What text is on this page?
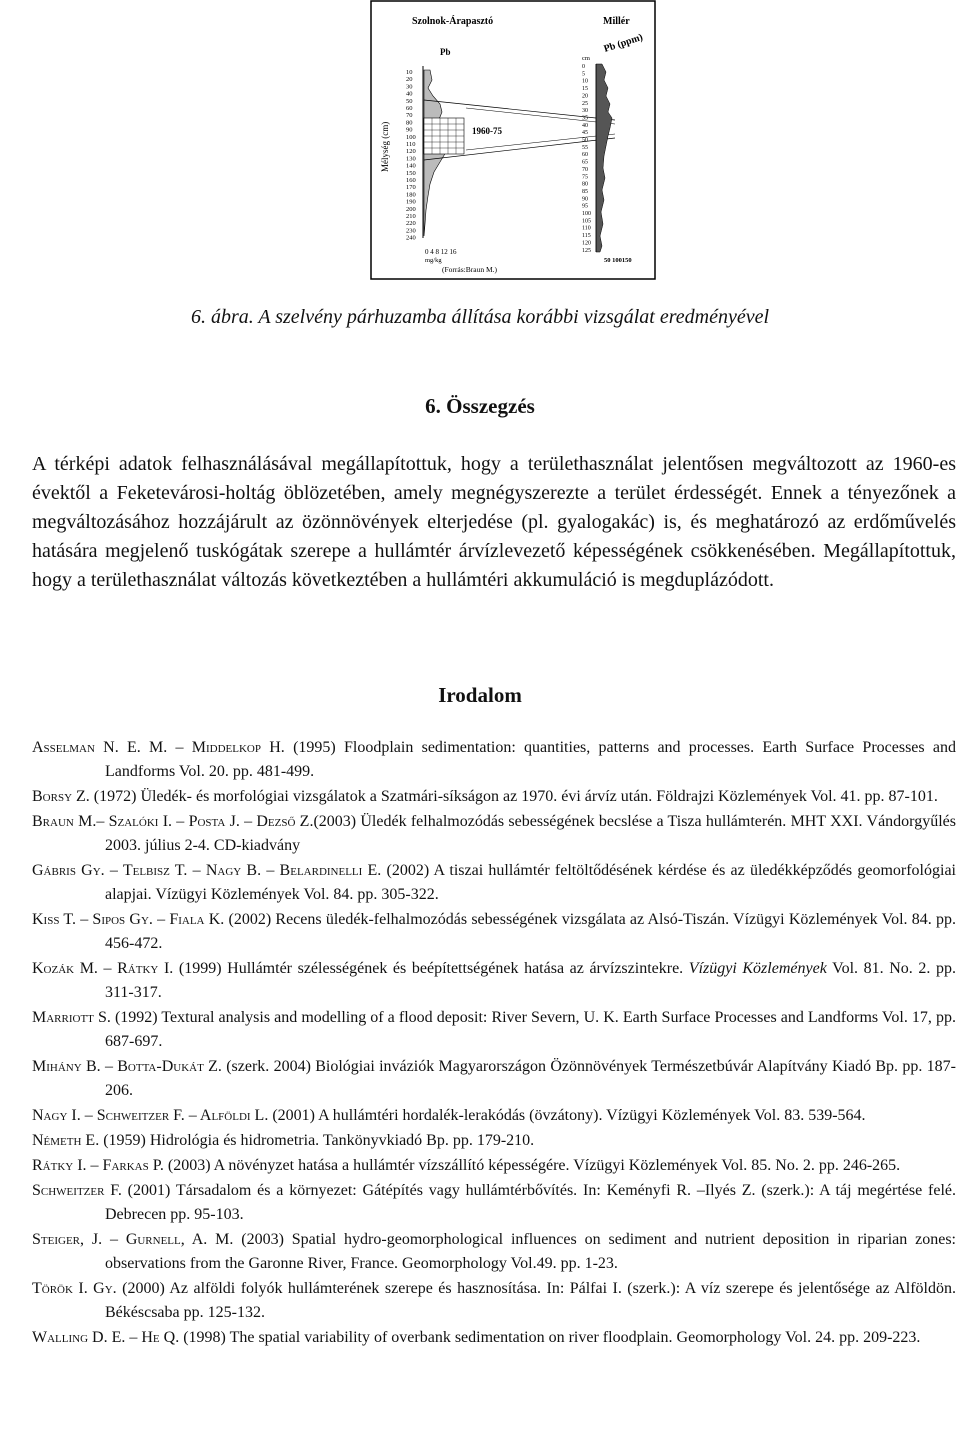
Szolnok-Árapasztó	Millér
Pb	Pb (ppm)
Mélység (cm)
10
20
30
40
50
60
70
80
90
100
110
120
130
140
150
160
170
180
190
200
210
220
230
240
1960-75
0 4 8 12 16
mg/kg
(Forrás:Braun M.)
cm
0
5
10
15
20
25
30
35
40
45
50
55
60
65
70
75
80
85
90
95
100
105
110
115
120
125
50 100150
6. ábra. A szelvény párhuzamba állítása korábbi vizsgálat eredményével
6. Összegzés

A térképi adatok felhasználásával megállapítottuk, hogy a területhasználat jelentősen megváltozott az 1960-es évektől a Feketevárosi-holtág öblözetében, amely megnégyszerezte a terület érdességét. Ennek a tényezőnek a megváltozásához hozzájárult az özönnövények elterjedése (pl. gyalogakác) is, és meghatározó az erdőművelés hatására megjelenő tuskógátak szerepe a hullámtér árvízlevezető képességének csökkenésében. Megállapítottuk, hogy a területhasználat változás következtében a hullámtéri akkumuláció is megduplázódott.

Irodalom
Asselman N. E. M. – Middelkop H. (1995) Floodplain sedimentation: quantities, patterns and processes. Earth Surface Processes and Landforms Vol. 20. pp. 481-499.
Borsy Z. (1972) Üledék- és morfológiai vizsgálatok a Szatmári-síkságon az 1970. évi árvíz után. Földrajzi Közlemények Vol. 41. pp. 87-101.
Braun M.– Szalóki I. – Posta J. – Dezső Z.(2003) Üledék felhalmozódás sebességének becslése a Tisza hullámterén. MHT XXI. Vándorgyűlés 2003. július 2-4. CD-kiadvány
Gábris Gy. – Telbisz T. – Nagy B. – Belardinelli E. (2002) A tiszai hullámtér feltöltődésének kérdése és az üledékképződés geomorfológiai alapjai. Vízügyi Közlemények Vol. 84. pp. 305-322.
Kiss T. – Sipos Gy. – Fiala K. (2002) Recens üledék-felhalmozódás sebességének vizsgálata az Alsó-Tiszán. Vízügyi Közlemények Vol. 84. pp. 456-472.
Kozák M. – Rátky I. (1999) Hullámtér szélességének és beépítettségének hatása az árvízszintekre. Vízügyi Közlemények Vol. 81. No. 2. pp. 311-317.
Marriott S. (1992) Textural analysis and modelling of a flood deposit: River Severn, U. K. Earth Surface Processes and Landforms Vol. 17, pp. 687-697.
Mihány B. – Botta-Dukát Z. (szerk. 2004) Biológiai inváziók Magyarországon Özönnövények Természetbúvár Alapítvány Kiadó Bp. pp. 187-206.
Nagy I. – Schweitzer F. – Alföldi L. (2001) A hullámtéri hordalék-lerakódás (övzátony). Vízügyi Közlemények Vol. 83. 539-564.
Németh E. (1959) Hidrológia és hidrometria. Tankönyvkiadó Bp. pp. 179-210.
Rátky I. – Farkas P. (2003) A növényzet hatása a hullámtér vízszállító képességére. Vízügyi Közlemények Vol. 85. No. 2. pp. 246-265.
Schweitzer F. (2001) Társadalom és a környezet: Gátépítés vagy hullámtérbővítés. In: Keményfi R. –Ilyés Z. (szerk.): A táj megértése felé. Debrecen pp. 95-103.
Steiger, J. – Gurnell, A. M. (2003) Spatial hydro-geomorphological influences on sediment and nutrient deposition in riparian zones: observations from the Garonne River, France. Geomorphology Vol.49. pp. 1-23.
Török I. Gy. (2000) Az alföldi folyók hullámterének szerepe és hasznosítása. In: Pálfai I. (szerk.): A víz szerepe és jelentősége az Alföldön. Békéscsaba pp. 125-132.
Walling D. E. – He Q. (1998) The spatial variability of overbank sedimentation on river floodplain. Geomorphology Vol. 24. pp. 209-223.
